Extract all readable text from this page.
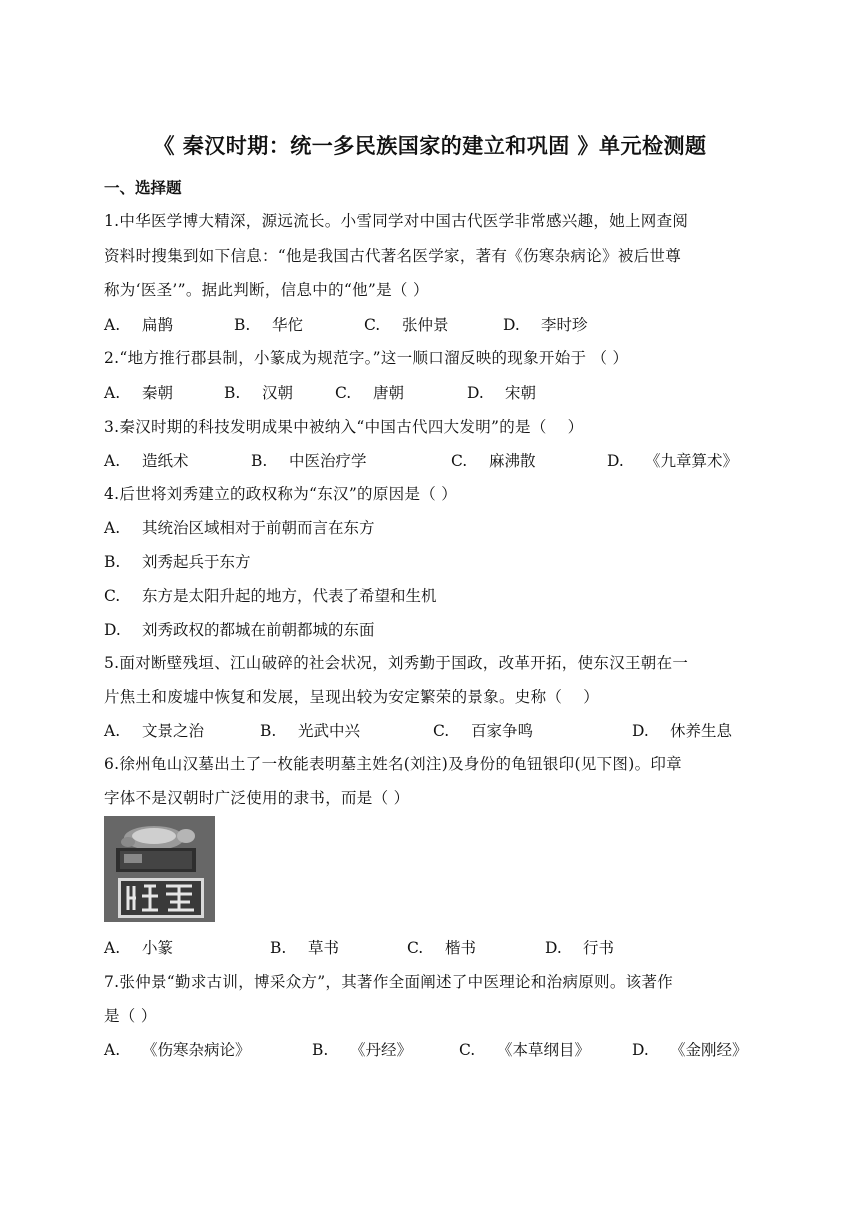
《 秦汉时期：统一多民族国家的建立和巩固 》单元检测题
一、选择题
1.中华医学博大精深，源远流长。小雪同学对中国古代医学非常感兴趣，她上网查阅
资料时搜集到如下信息：“他是我国古代著名医学家，著有《伤寒杂病论》被后世尊
称为‘医圣’”。据此判断，信息中的“他”是（ ）
A. 扁鹊	B. 华佗	C. 张仲景	D. 李时珍
2.“地方推行郡县制，小篆成为规范字。”这一顺口溜反映的现象开始于 （ ）
A. 秦朝	B. 汉朝	C. 唐朝	D. 宋朝
3.秦汉时期的科技发明成果中被纳入“中国古代四大发明”的是（　 ）
A. 造纸术	B. 中医治疗学	C. 麻沸散	D. 《九章算术》
4.后世将刘秀建立的政权称为“东汉”的原因是（ ）
A. 其统治区域相对于前朝而言在东方
B. 刘秀起兵于东方
C. 东方是太阳升起的地方，代表了希望和生机
D. 刘秀政权的都城在前朝都城的东面
5.面对断壁残垣、江山破碎的社会状况，刘秀勤于国政，改革开拓，使东汉王朝在一
片焦土和废墟中恢复和发展，呈现出较为安定繁荣的景象。史称（　 ）
A. 文景之治	B. 光武中兴	C. 百家争鸣	D. 休养生息
6.徐州龟山汉墓出土了一枚能表明墓主姓名(刘注)及身份的龟钮银印(见下图)。印章
字体不是汉朝时广泛使用的隶书，而是（ ）
A. 小篆	B. 草书	C. 楷书	D. 行书
7.张仲景“勤求古训，博采众方”，其著作全面阐述了中医理论和治病原则。该著作
是（ ）
A. 《伤寒杂病论》	B. 《丹经》	C. 《本草纲目》	D. 《金刚经》
